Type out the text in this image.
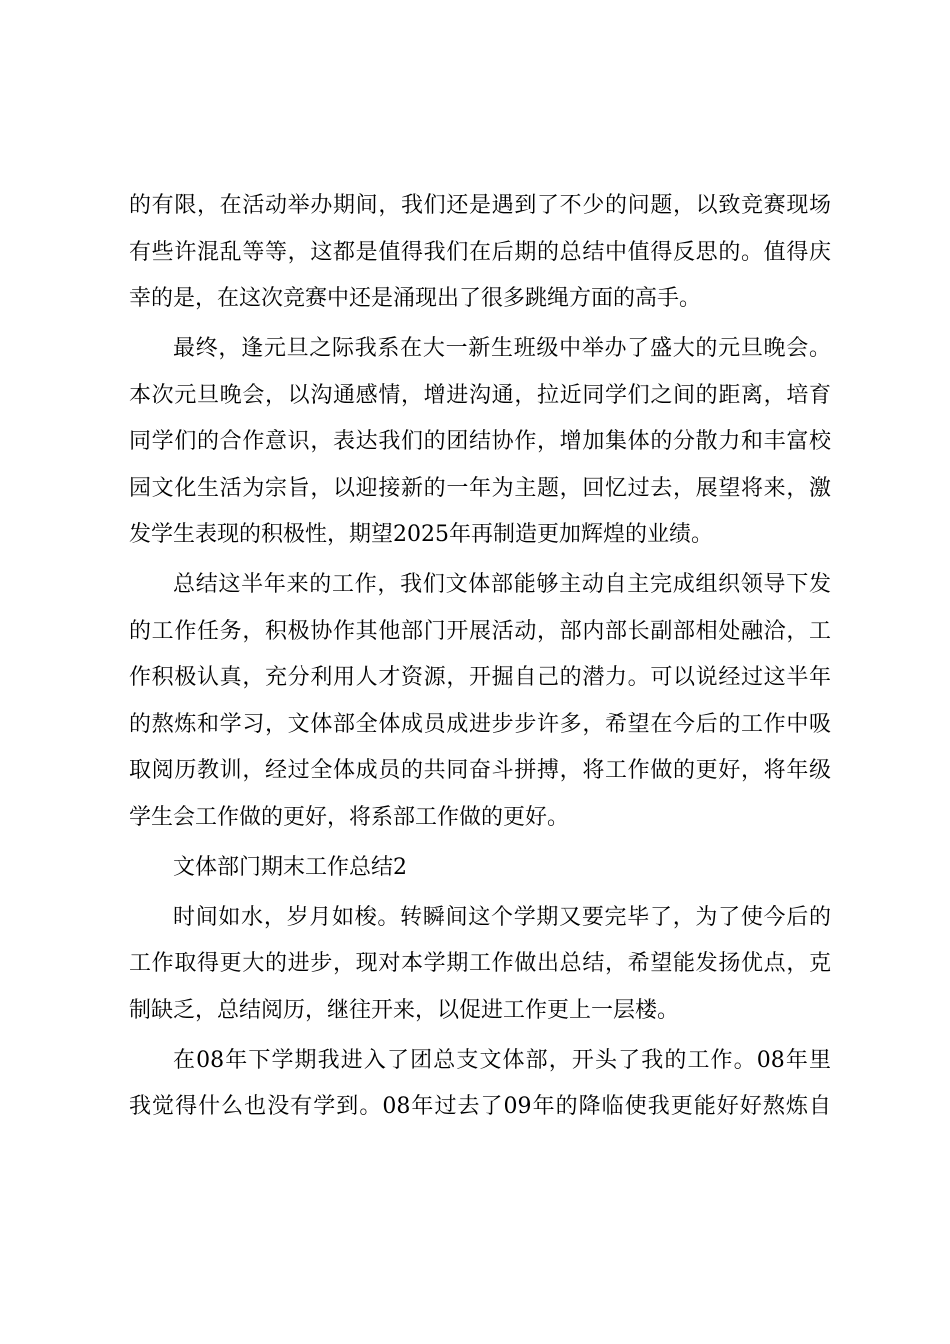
的有限，在活动举办期间，我们还是遇到了不少的问题，以致竞赛现场
有些许混乱等等，这都是值得我们在后期的总结中值得反思的。值得庆
幸的是，在这次竞赛中还是涌现出了很多跳绳方面的高手。
最终，逢元旦之际我系在大一新生班级中举办了盛大的元旦晚会。
本次元旦晚会，以沟通感情，增进沟通，拉近同学们之间的距离，培育
同学们的合作意识，表达我们的团结协作，增加集体的分散力和丰富校
园文化生活为宗旨，以迎接新的一年为主题，回忆过去，展望将来，激
发学生表现的积极性，期望2025年再制造更加辉煌的业绩。
总结这半年来的工作，我们文体部能够主动自主完成组织领导下发
的工作任务，积极协作其他部门开展活动，部内部长副部相处融洽，工
作积极认真，充分利用人才资源，开掘自己的潜力。可以说经过这半年
的熬炼和学习，文体部全体成员成进步步许多，希望在今后的工作中吸
取阅历教训，经过全体成员的共同奋斗拼搏，将工作做的更好，将年级
学生会工作做的更好，将系部工作做的更好。
文体部门期末工作总结2
时间如水，岁月如梭。转瞬间这个学期又要完毕了，为了使今后的
工作取得更大的进步，现对本学期工作做出总结，希望能发扬优点，克
制缺乏，总结阅历，继往开来，以促进工作更上一层楼。
在08年下学期我进入了团总支文体部，开头了我的工作。08年里
我觉得什么也没有学到。08年过去了09年的降临使我更能好好熬炼自
